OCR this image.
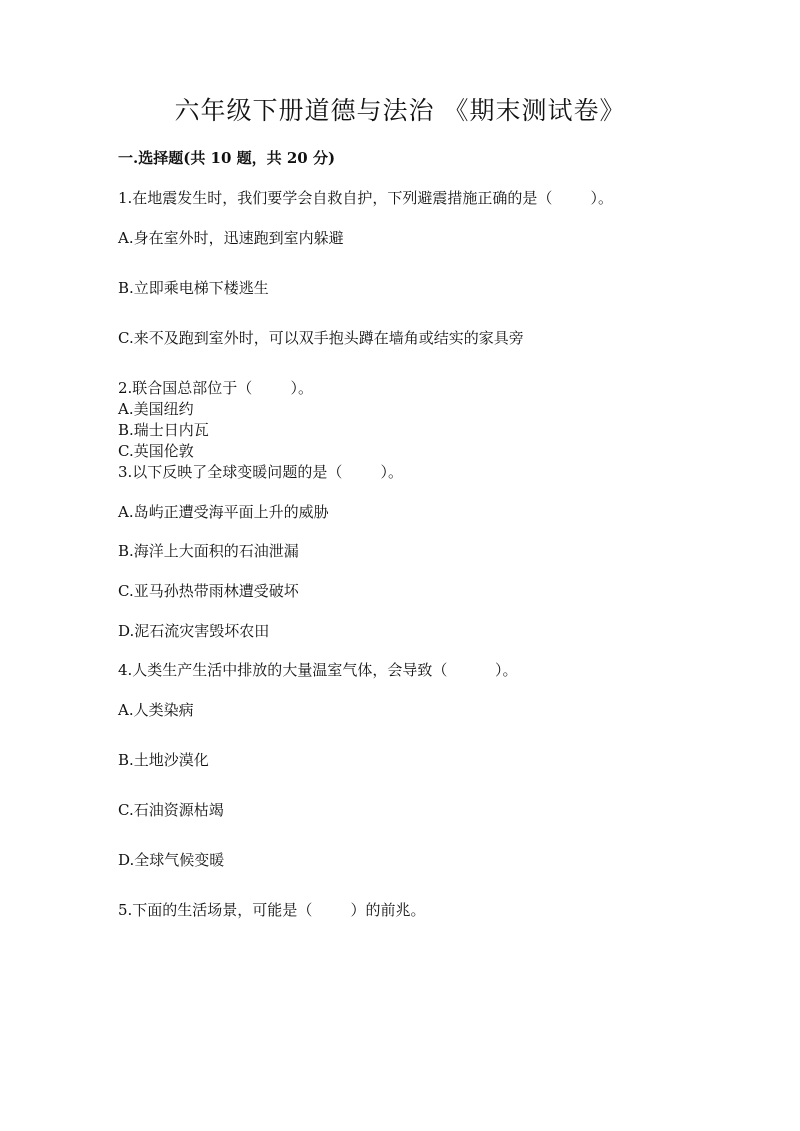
六年级下册道德与法治 《期末测试卷》
一.选择题(共 10 题，共 20 分)
1.在地震发生时，我们要学会自救自护，下列避震措施正确的是（        ）。
A.身在室外时，迅速跑到室内躲避
B.立即乘电梯下楼逃生
C.来不及跑到室外时，可以双手抱头蹲在墙角或结实的家具旁
2.联合国总部位于（        ）。
A.美国纽约
B.瑞士日内瓦
C.英国伦敦
3.以下反映了全球变暖问题的是（        ）。
A.岛屿正遭受海平面上升的威胁
B.海洋上大面积的石油泄漏
C.亚马孙热带雨林遭受破坏
D.泥石流灾害毁坏农田
4.人类生产生活中排放的大量温室气体，会导致（          ）。
A.人类染病
B.土地沙漠化
C.石油资源枯竭
D.全球气候变暖
5.下面的生活场景，可能是（        ）的前兆。
